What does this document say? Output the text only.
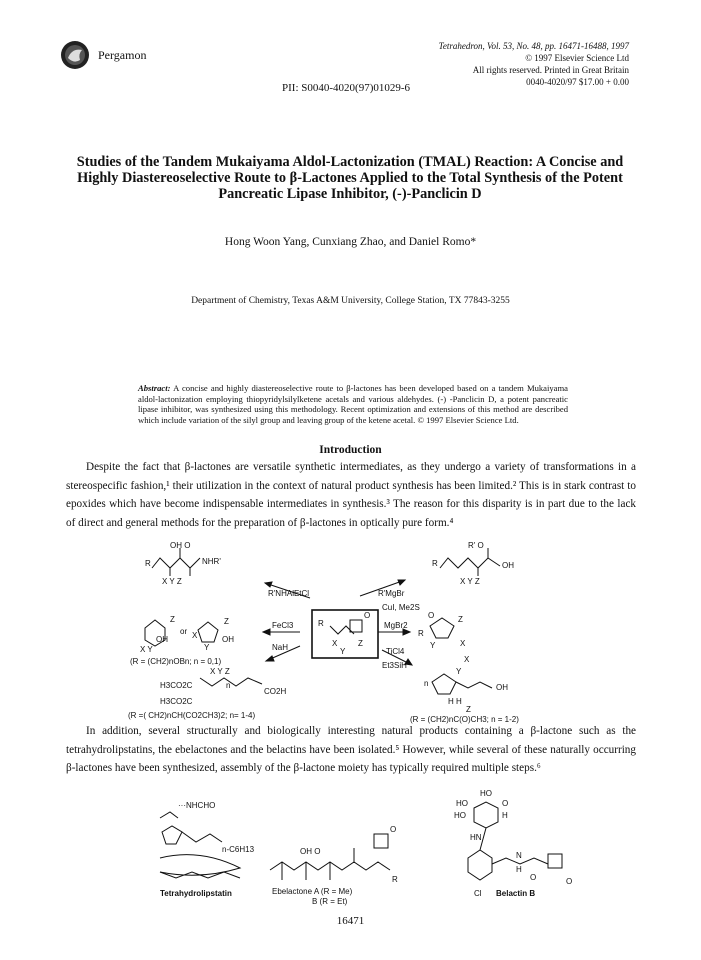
Pergamon
Tetrahedron, Vol. 53, No. 48, pp. 16471-16488, 1997
© 1997 Elsevier Science Ltd
All rights reserved. Printed in Great Britain
0040-4020/97 $17.00 + 0.00
PII: S0040-4020(97)01029-6
Studies of the Tandem Mukaiyama Aldol-Lactonization (TMAL) Reaction: A Concise and Highly Diastereoselective Route to β-Lactones Applied to the Total Synthesis of the Potent Pancreatic Lipase Inhibitor, (-)-Panclicin D
Hong Woon Yang, Cunxiang Zhao, and Daniel Romo*
Department of Chemistry, Texas A&M University, College Station, TX 77843-3255
Abstract: A concise and highly diastereoselective route to β-lactones has been developed based on a tandem Mukaiyama aldol-lactonization employing thiopyridylsilylketene acetals and various aldehydes. (-) -Panclicin D, a potent pancreatic lipase inhibitor, was synthesized using this methodology. Recent optimization and extensions of this method are described which include variation of the silyl group and leaving group of the ketene acetal. © 1997 Elsevier Science Ltd.
Introduction
Despite the fact that β-lactones are versatile synthetic intermediates, as they undergo a variety of transformations in a stereospecific fashion,¹ their utilization in the context of natural product synthesis has been limited.² This is in stark contrast to epoxides which have become indispensable intermediates in synthesis.³ The reason for this disparity is in part due to the lack of direct and general methods for the preparation of β-lactones in optically pure form.⁴
OH O
R	NHR'
X Y Z
R' O
R	OH
X Y Z
R'NHAlEtCl	R'MgBr
CuI, Me2S
FeCl3	MgBr2
NaH	TiCl4
Et3SiH
R
O
X
Y
Z
Z
or
Z
OH	X	OH
Y
X Y
(R = (CH2)nOBn; n = 0,1)
X Y Z
H3CO2C	n
CO2H
H3CO2C
(R =( CH2)nCH(CO2CH3)2; n= 1-4)
O	Z
R
Y	X
X
Y
n	OH
H H
Z
(R = (CH2)nC(O)CH3; n = 1-2)
In addition, several structurally and biologically interesting natural products containing a β-lactone such as the tetrahydrolipstatins, the ebelactones and the belactins have been isolated.⁵ However, while several of these naturally occurring β-lactones have been synthesized, assembly of the β-lactone moiety has typically required multiple steps.⁶
···NHCHO
n-C6H13
Tetrahydrolipstatin
OH O
O
R
Ebelactone A (R = Me)
B (R = Et)
HO
HO	O
HO	H
HN
N
H
O	O
Cl Belactin B
16471
